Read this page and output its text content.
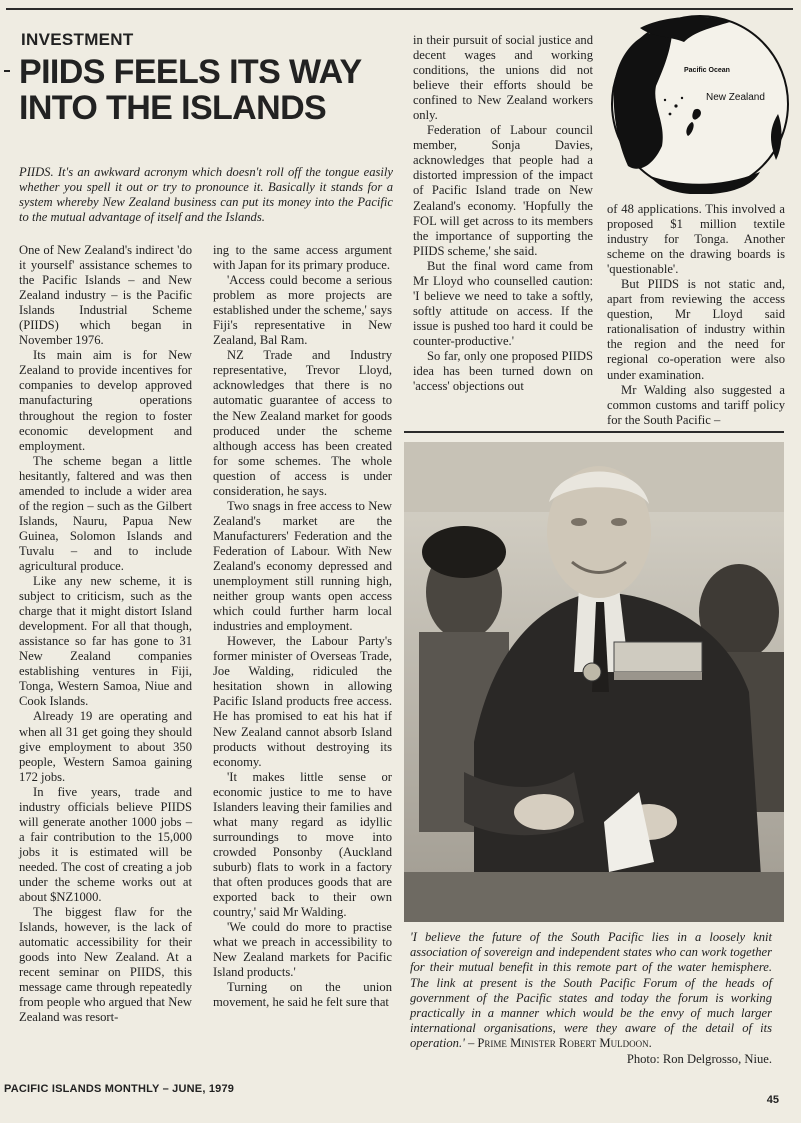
INVESTMENT
PIIDS FEELS ITS WAY INTO THE ISLANDS

PIIDS. It's an awkward acronym which doesn't roll off the tongue easily whether you spell it out or try to pronounce it. Basically it stands for a system whereby New Zealand business can put its money into the Pacific to the mutual advantage of itself and the Islands.

Pacific Ocean
New Zealand

One of New Zealand's indirect 'do it yourself' assistance schemes to the Pacific Islands – and New Zealand industry – is the Pacific Islands Industrial Scheme (PIIDS) which began in November 1976.

Its main aim is for New Zealand to provide incentives for companies to develop approved manufacturing operations throughout the region to foster economic development and employment.

The scheme began a little hesitantly, faltered and was then amended to include a wider area of the region – such as the Gilbert Islands, Nauru, Papua New Guinea, Solomon Islands and Tuvalu – and to include agricultural produce.

Like any new scheme, it is subject to criticism, such as the charge that it might distort Island development. For all that though, assistance so far has gone to 31 New Zealand companies establishing ventures in Fiji, Tonga, Western Samoa, Niue and Cook Islands.

Already 19 are operating and when all 31 get going they should give employment to about 350 people, Western Samoa gaining 172 jobs.

In five years, trade and industry officials believe PIIDS will generate another 1000 jobs – a fair contribution to the 15,000 jobs it is estimated will be needed. The cost of creating a job under the scheme works out at about $NZ1000.

The biggest flaw for the Islands, however, is the lack of automatic accessibility for their goods into New Zealand. At a recent seminar on PIIDS, this message came through repeatedly from people who argued that New Zealand was resort-

ing to the same access argument with Japan for its primary produce.

'Access could become a serious problem as more projects are established under the scheme,' says Fiji's representative in New Zealand, Bal Ram.

NZ Trade and Industry representative, Trevor Lloyd, acknowledges that there is no automatic guarantee of access to the New Zealand market for goods produced under the scheme although access has been created for some schemes. The whole question of access is under consideration, he says.

Two snags in free access to New Zealand's market are the Manufacturers' Federation and the Federation of Labour. With New Zealand's economy depressed and unemployment still running high, neither group wants open access which could further harm local industries and employment.

However, the Labour Party's former minister of Overseas Trade, Joe Walding, ridiculed the hesitation shown in allowing Pacific Island products free access. He has promised to eat his hat if New Zealand cannot absorb Island products without destroying its economy.

'It makes little sense or economic justice to me to have Islanders leaving their families and what many regard as idyllic surroundings to move into crowded Ponsonby (Auckland suburb) flats to work in a factory that often produces goods that are exported back to their own country,' said Mr Walding.

'We could do more to practise what we preach in accessibility to New Zealand markets for Pacific Island products.'

Turning on the union movement, he said he felt sure that

in their pursuit of social justice and decent wages and working conditions, the unions did not believe their efforts should be confined to New Zealand workers only.

Federation of Labour council member, Sonja Davies, acknowledges that people had a distorted impression of the impact of Pacific Island trade on New Zealand's economy. 'Hopfully the FOL will get across to its members the importance of supporting the PIIDS scheme,' she said.

But the final word came from Mr Lloyd who counselled caution: 'I believe we need to take a softly, softly attitude on access. If the issue is pushed too hard it could be counter-productive.'

So far, only one proposed PIIDS idea has been turned down on 'access' objections out

of 48 applications. This involved a proposed $1 million textile industry for Tonga. Another scheme on the drawing boards is 'questionable'.

But PIIDS is not static and, apart from reviewing the access question, Mr Lloyd said rationalisation of industry within the region and the need for regional co-operation were also under examination.

Mr Walding also suggested a common customs and tariff policy for the South Pacific –

'I believe the future of the South Pacific lies in a loosely knit association of sovereign and independent states who can work together for their mutual benefit in this remote part of the water hemisphere. The link at present is the South Pacific Forum of the heads of government of the Pacific states and today the forum is working practically in a manner which would be the envy of much larger international organisations, were they aware of the detail of its operation.' – Prime Minister Robert Muldoon.
Photo: Ron Delgrosso, Niue.
PACIFIC ISLANDS MONTHLY – JUNE, 1979
45
